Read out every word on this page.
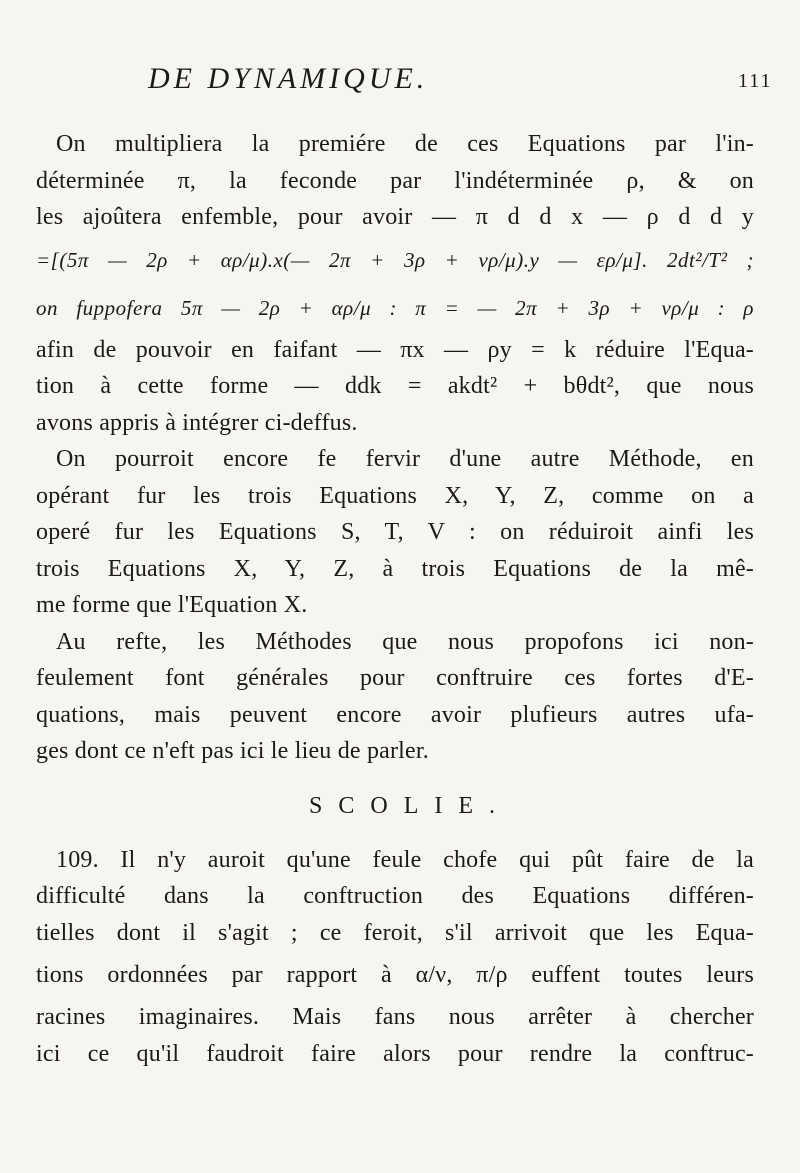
DE DYNAMIQUE.	111
On multipliera la premiére de ces Equations par l'in-
déterminée π, la feconde par l'indéterminée ρ, & on
les ajoûtera enfemble, pour avoir — π d d x — ρ d d y
=[(5π — 2ρ + αρ/μ).x(— 2π + 3ρ + νρ/μ).y — ερ/μ]. 2dt²/T² ;
on fuppofera 5π — 2ρ + αρ/μ : π = — 2π + 3ρ + νρ/μ : ρ
afin de pouvoir en faifant — πx — ρy = k réduire l'Equa-
tion à cette forme — ddk = akdt² + bθdt², que nous
avons appris à intégrer ci-deffus.
On pourroit encore fe fervir d'une autre Méthode, en
opérant fur les trois Equations X, Y, Z, comme on a
operé fur les Equations S, T, V : on réduiroit ainfi les
trois Equations X, Y, Z, à trois Equations de la mê-
me forme que l'Equation X.
Au refte, les Méthodes que nous propofons ici non-
feulement font générales pour conftruire ces fortes d'E-
quations, mais peuvent encore avoir plufieurs autres ufa-
ges dont ce n'eft pas ici le lieu de parler.
SCOLIE.
109. Il n'y auroit qu'une feule chofe qui pût faire de la
difficulté dans la conftruction des Equations différen-
tielles dont il s'agit ; ce feroit, s'il arrivoit que les Equa-
tions ordonnées par rapport à α/ν, π/ρ euffent toutes leurs
racines imaginaires. Mais fans nous arrêter à chercher
ici ce qu'il faudroit faire alors pour rendre la conftruc-
